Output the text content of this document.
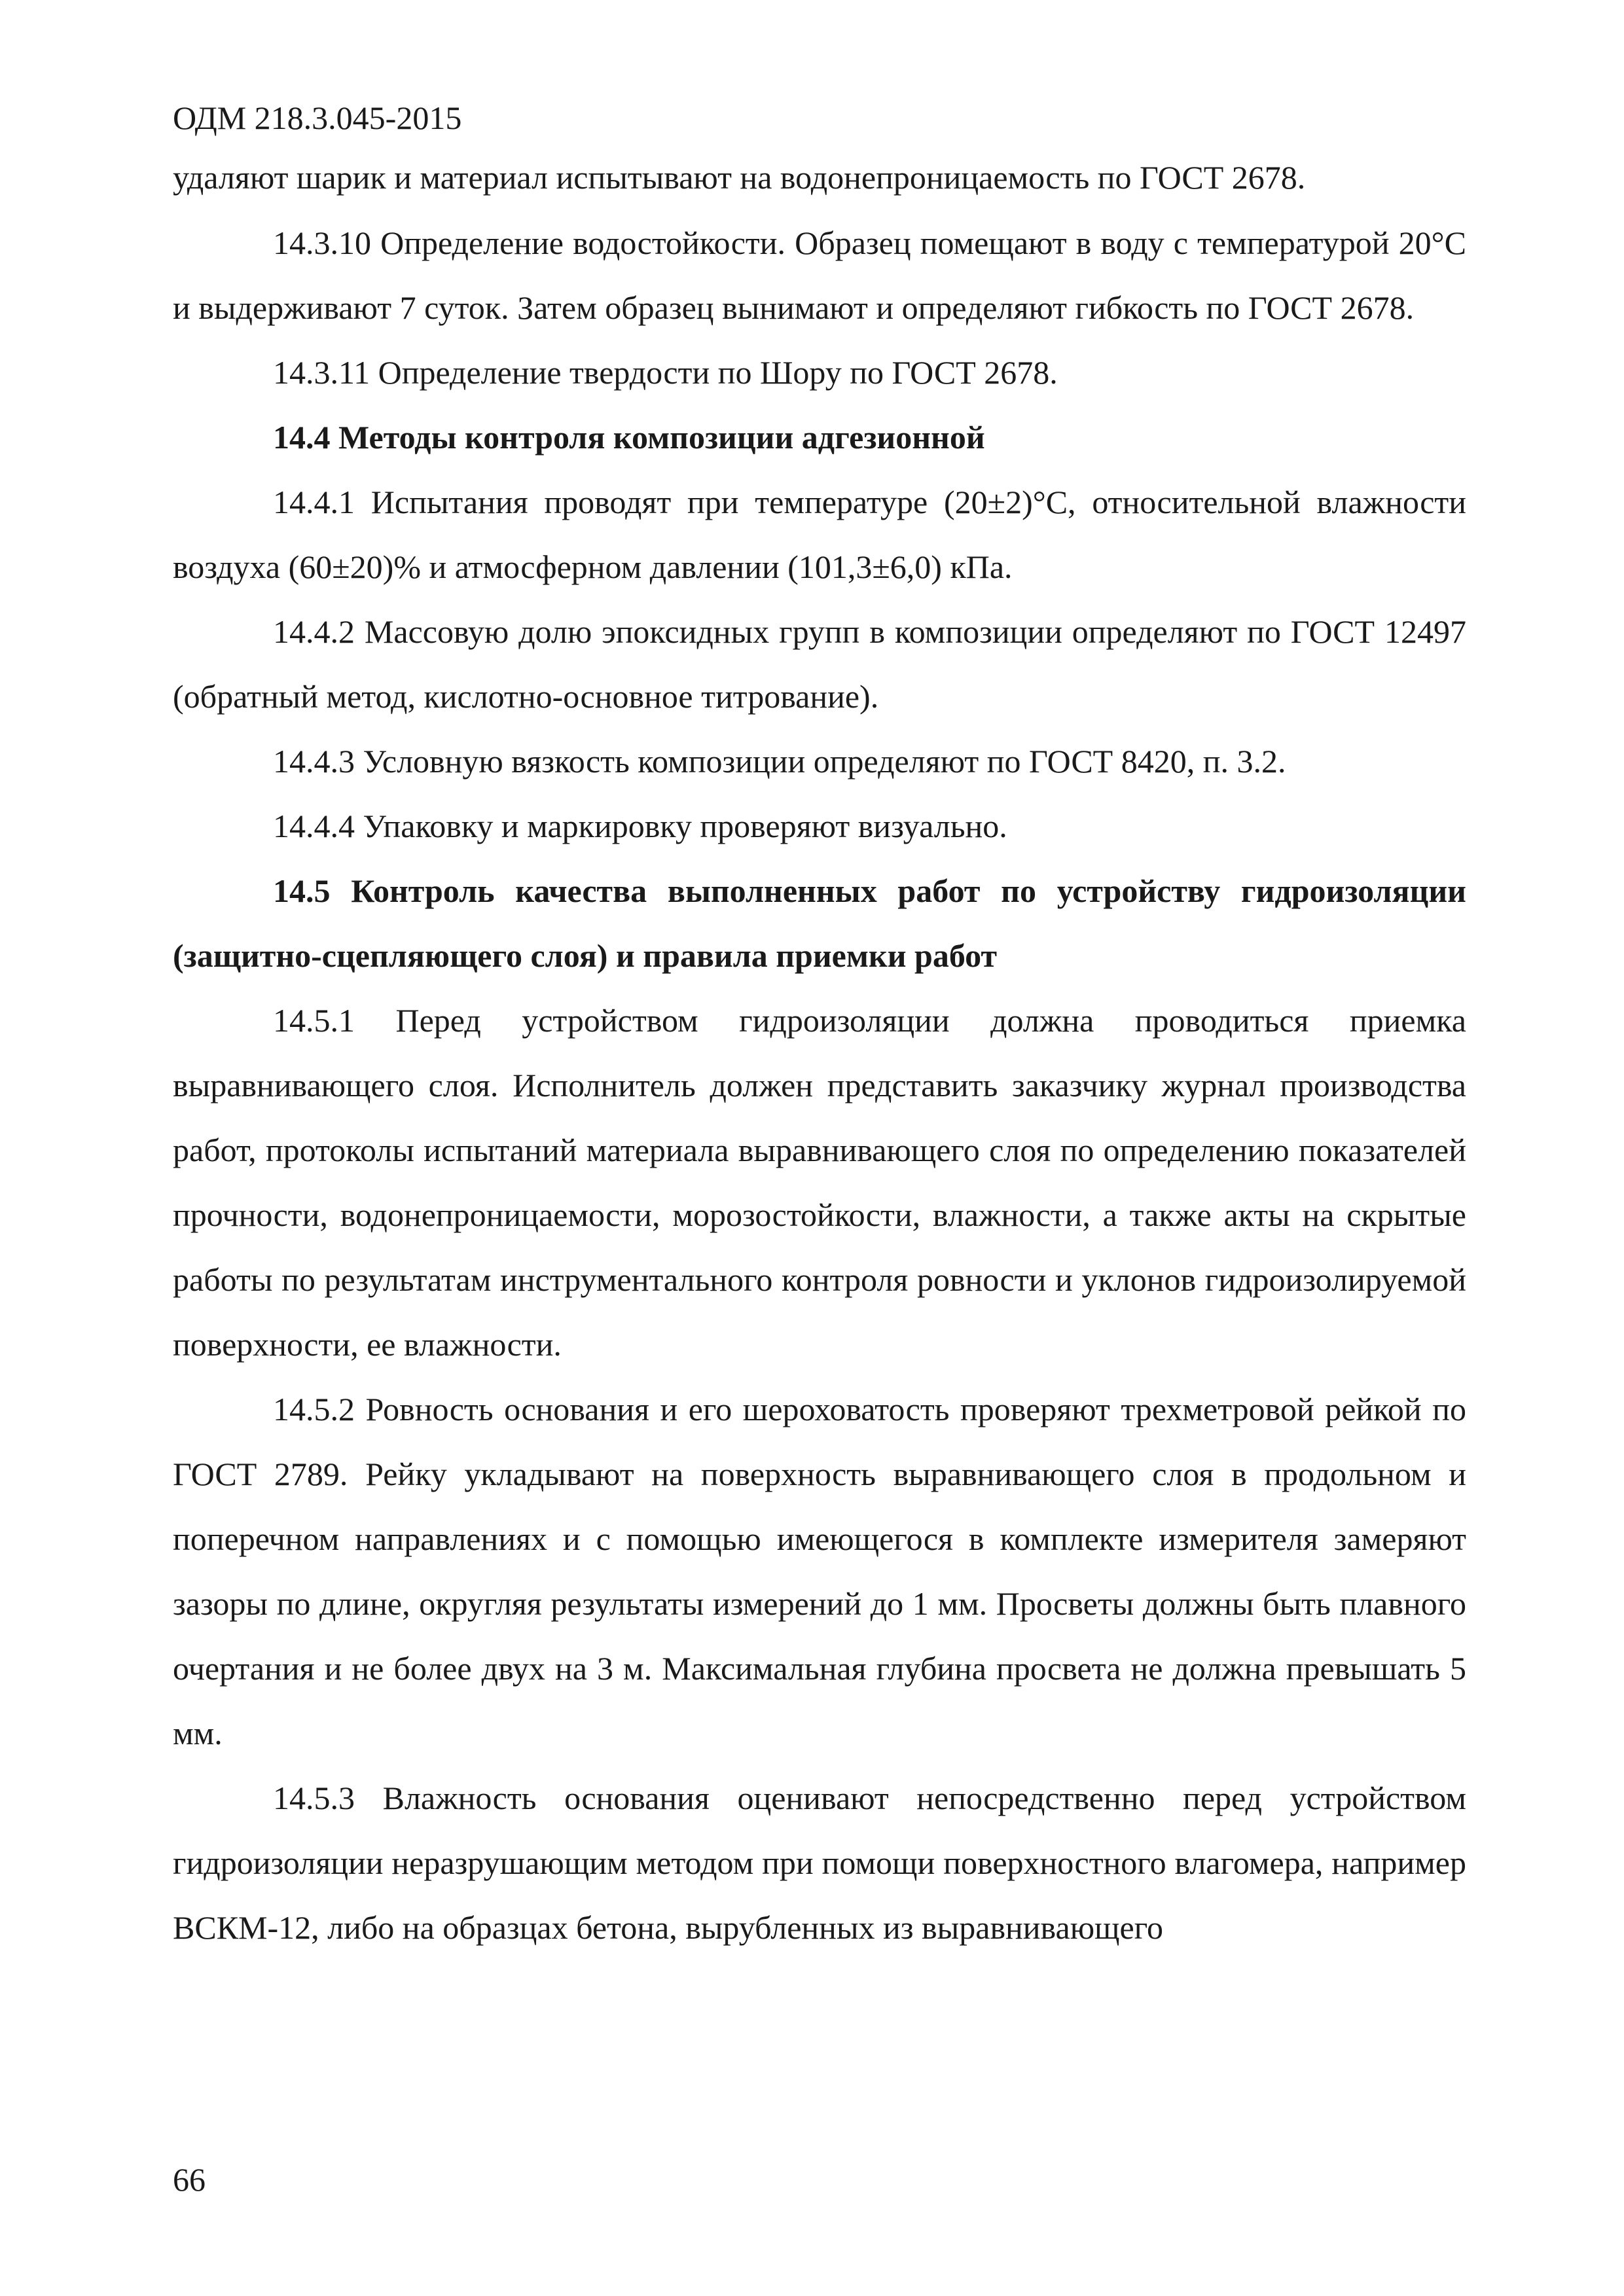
ОДМ 218.3.045-2015

удаляют шарик и материал испытывают на водонепроницаемость по ГОСТ 2678.

14.3.10 Определение водостойкости. Образец помещают в воду с температурой 20°С и выдерживают 7 суток. Затем образец вынимают и определяют гибкость по ГОСТ 2678.

14.3.11 Определение твердости по Шору по ГОСТ 2678.

14.4 Методы контроля композиции адгезионной

14.4.1 Испытания проводят при температуре (20±2)°С, относительной влажности воздуха (60±20)% и атмосферном давлении (101,3±6,0) кПа.

14.4.2 Массовую долю эпоксидных групп в композиции определяют по ГОСТ 12497 (обратный метод, кислотно-основное титрование).

14.4.3 Условную вязкость композиции определяют по ГОСТ 8420, п. 3.2.

14.4.4 Упаковку и маркировку проверяют визуально.

14.5 Контроль качества выполненных работ по устройству гидроизоляции (защитно-сцепляющего слоя) и правила приемки работ

14.5.1 Перед устройством гидроизоляции должна проводиться приемка выравнивающего слоя. Исполнитель должен представить заказчику журнал производства работ, протоколы испытаний материала выравнивающего слоя по определению показателей прочности, водонепроницаемости, морозостойкости, влажности, а также акты на скрытые работы по результатам инструментального контроля ровности и уклонов гидроизолируемой поверхности, ее влажности.

14.5.2 Ровность основания и его шероховатость проверяют трехметровой рейкой по ГОСТ 2789. Рейку укладывают на поверхность выравнивающего слоя в продольном и поперечном направлениях и с помощью имеющегося в комплекте измерителя замеряют зазоры по длине, округляя результаты измерений до 1 мм. Просветы должны быть плавного очертания и не более двух на 3 м. Максимальная глубина просвета не должна превышать 5 мм.

14.5.3 Влажность основания оценивают непосредственно перед устройством гидроизоляции неразрушающим методом при помощи поверхностного влагомера, например ВСКМ-12, либо на образцах бетона, вырубленных из выравнивающего

66
